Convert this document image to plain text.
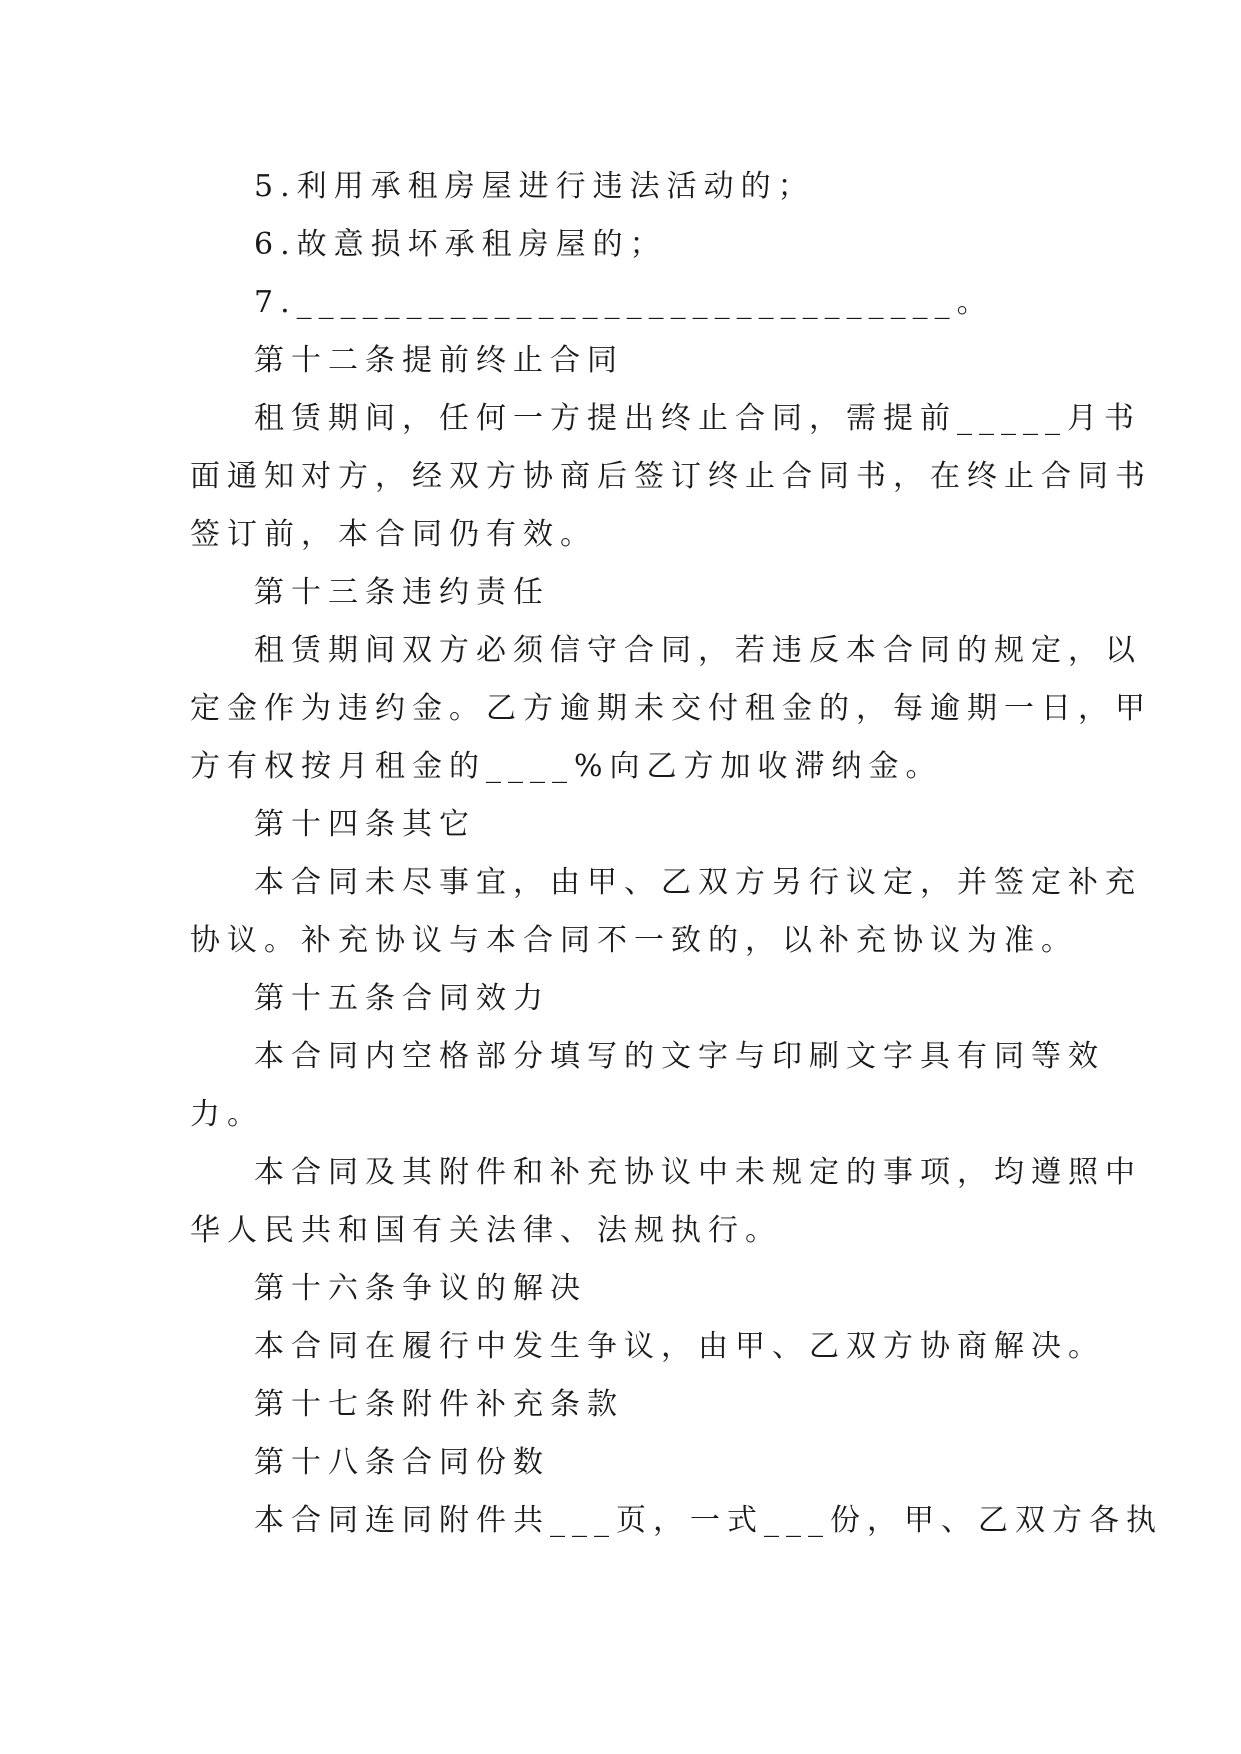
5.利用承租房屋进行违法活动的；
6.故意损坏承租房屋的；
7.______________________________。
第十二条提前终止合同
租赁期间，任何一方提出终止合同，需提前_____月书
面通知对方，经双方协商后签订终止合同书，在终止合同书
签订前，本合同仍有效。
第十三条违约责任
租赁期间双方必须信守合同，若违反本合同的规定，以
定金作为违约金。乙方逾期未交付租金的，每逾期一日，甲
方有权按月租金的____%向乙方加收滞纳金。
第十四条其它
本合同未尽事宜，由甲、乙双方另行议定，并签定补充
协议。补充协议与本合同不一致的，以补充协议为准。
第十五条合同效力
本合同内空格部分填写的文字与印刷文字具有同等效
力。
本合同及其附件和补充协议中未规定的事项，均遵照中
华人民共和国有关法律、法规执行。
第十六条争议的解决
本合同在履行中发生争议，由甲、乙双方协商解决。
第十七条附件补充条款
第十八条合同份数
本合同连同附件共___页，一式___份，甲、乙双方各执
